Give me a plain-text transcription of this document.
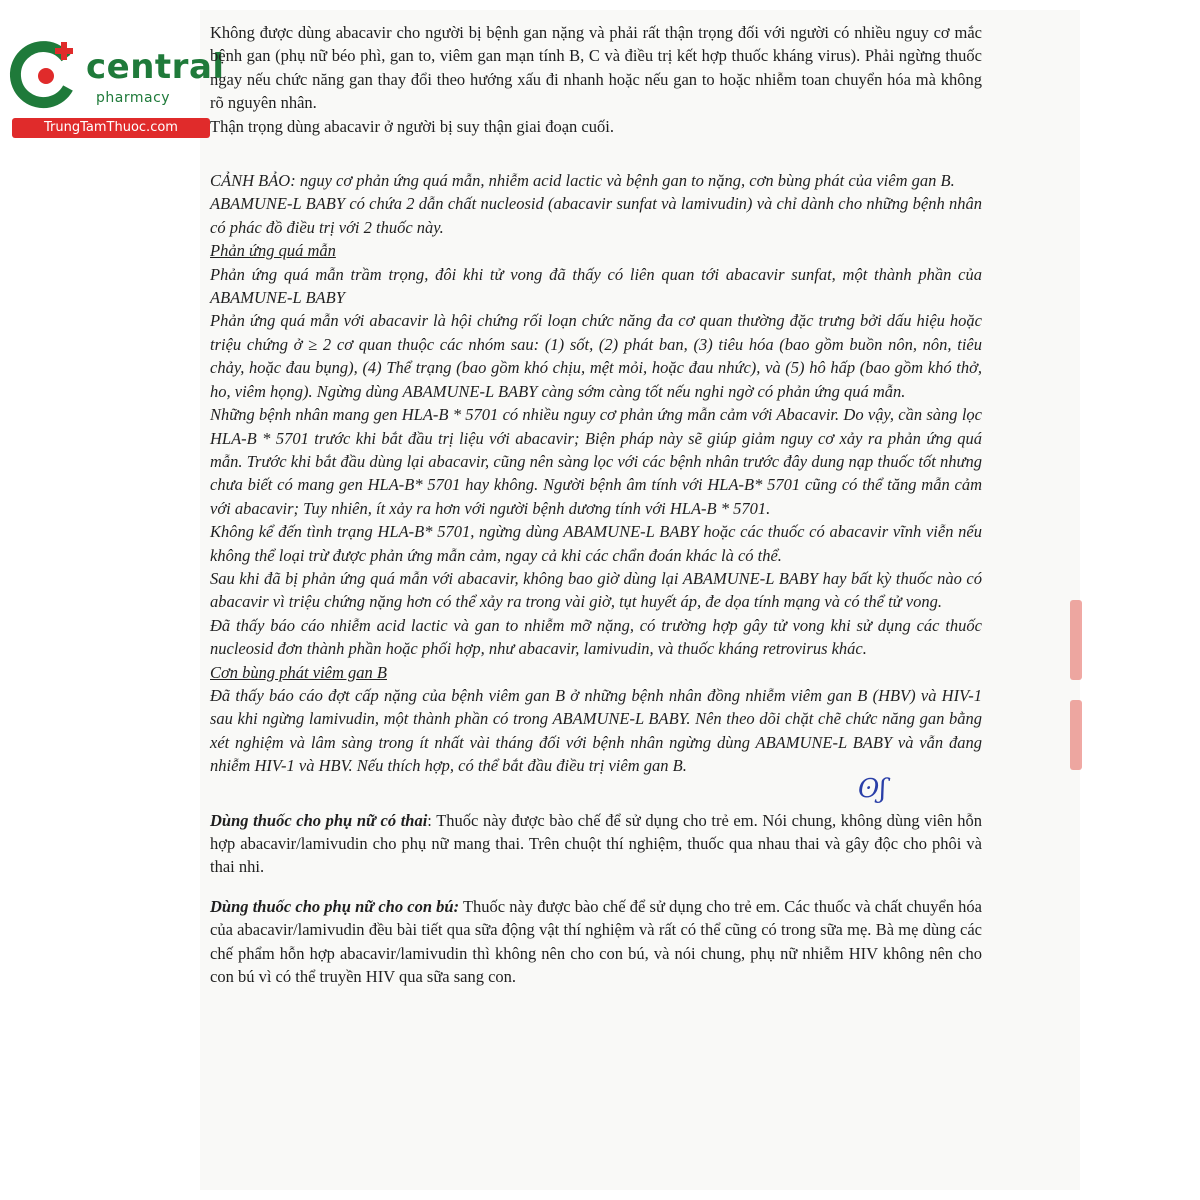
central
pharmacy
TrungTamThuoc.com

Không được dùng abacavir cho người bị bệnh gan nặng và phải rất thận trọng đối với người có nhiều nguy cơ mắc bệnh gan (phụ nữ béo phì, gan to, viêm gan mạn tính B, C và điều trị kết hợp thuốc kháng virus). Phải ngừng thuốc ngay nếu chức năng gan thay đổi theo hướng xấu đi nhanh hoặc nếu gan to hoặc nhiễm toan chuyển hóa mà không rõ nguyên nhân.

Thận trọng dùng abacavir ở người bị suy thận giai đoạn cuối.

CẢNH BẢO: nguy cơ phản ứng quá mẫn, nhiễm acid lactic và bệnh gan to nặng, cơn bùng phát của viêm gan B.

ABAMUNE-L BABY có chứa 2 dẫn chất nucleosid (abacavir sunfat và lamivudin) và chỉ dành cho những bệnh nhân có phác đồ điều trị với 2 thuốc này.

Phản ứng quá mẫn

Phản ứng quá mẫn trầm trọng, đôi khi tử vong đã thấy có liên quan tới abacavir sunfat, một thành phần của ABAMUNE-L BABY

Phản ứng quá mẫn với abacavir là hội chứng rối loạn chức năng đa cơ quan thường đặc trưng bởi dấu hiệu hoặc triệu chứng ở ≥ 2 cơ quan thuộc các nhóm sau: (1) sốt, (2) phát ban, (3) tiêu hóa (bao gồm buồn nôn, nôn, tiêu chảy, hoặc đau bụng), (4) Thể trạng (bao gồm khó chịu, mệt mỏi, hoặc đau nhức), và (5) hô hấp (bao gồm khó thở, ho, viêm họng). Ngừng dùng ABAMUNE-L BABY càng sớm càng tốt nếu nghi ngờ có phản ứng quá mẫn.

Những bệnh nhân mang gen HLA-B * 5701 có nhiều nguy cơ phản ứng mẫn cảm với Abacavir. Do vậy, cần sàng lọc HLA-B * 5701 trước khi bắt đầu trị liệu với abacavir; Biện pháp này sẽ giúp giảm nguy cơ xảy ra phản ứng quá mẫn. Trước khi bắt đầu dùng lại abacavir, cũng nên sàng lọc với các bệnh nhân trước đây dung nạp thuốc tốt nhưng chưa biết có mang gen HLA-B* 5701 hay không. Người bệnh âm tính với HLA-B* 5701 cũng có thể tăng mẫn cảm với abacavir; Tuy nhiên, ít xảy ra hơn với người bệnh dương tính với HLA-B * 5701.

Không kể đến tình trạng HLA-B* 5701, ngừng dùng ABAMUNE-L BABY hoặc các thuốc có abacavir vĩnh viễn nếu không thể loại trừ được phản ứng mẫn cảm, ngay cả khi các chẩn đoán khác là có thể.

Sau khi đã bị phản ứng quá mẫn với abacavir, không bao giờ dùng lại ABAMUNE-L BABY hay bất kỳ thuốc nào có abacavir vì triệu chứng nặng hơn có thể xảy ra trong vài giờ, tụt huyết áp, đe dọa tính mạng và có thể tử vong.

Đã thấy báo cáo nhiễm acid lactic và gan to nhiễm mỡ nặng, có trường hợp gây tử vong khi sử dụng các thuốc nucleosid đơn thành phần hoặc phối hợp, như abacavir, lamivudin, và thuốc kháng retrovirus khác.

Cơn bùng phát viêm gan B

Đã thấy báo cáo đợt cấp nặng của bệnh viêm gan B ở những bệnh nhân đồng nhiễm viêm gan B (HBV) và HIV-1 sau khi ngừng lamivudin, một thành phần có trong ABAMUNE-L BABY. Nên theo dõi chặt chẽ chức năng gan bằng xét nghiệm và lâm sàng trong ít nhất vài tháng đối với bệnh nhân ngừng dùng ABAMUNE-L BABY và vẫn đang nhiễm HIV-1 và HBV. Nếu thích hợp, có thể bắt đầu điều trị viêm gan B.

Dùng thuốc cho phụ nữ có thai: Thuốc này được bào chế để sử dụng cho trẻ em. Nói chung, không dùng viên hỗn hợp abacavir/lamivudin cho phụ nữ mang thai. Trên chuột thí nghiệm, thuốc qua nhau thai và gây độc cho phôi và thai nhi.

Dùng thuốc cho phụ nữ cho con bú: Thuốc này được bào chế để sử dụng cho trẻ em. Các thuốc và chất chuyển hóa của abacavir/lamivudin đều bài tiết qua sữa động vật thí nghiệm và rất có thể cũng có trong sữa mẹ. Bà mẹ dùng các chế phẩm hỗn hợp abacavir/lamivudin thì không nên cho con bú, và nói chung, phụ nữ nhiễm HIV không nên cho con bú vì có thể truyền HIV qua sữa sang con.

⁠ʘʃ
